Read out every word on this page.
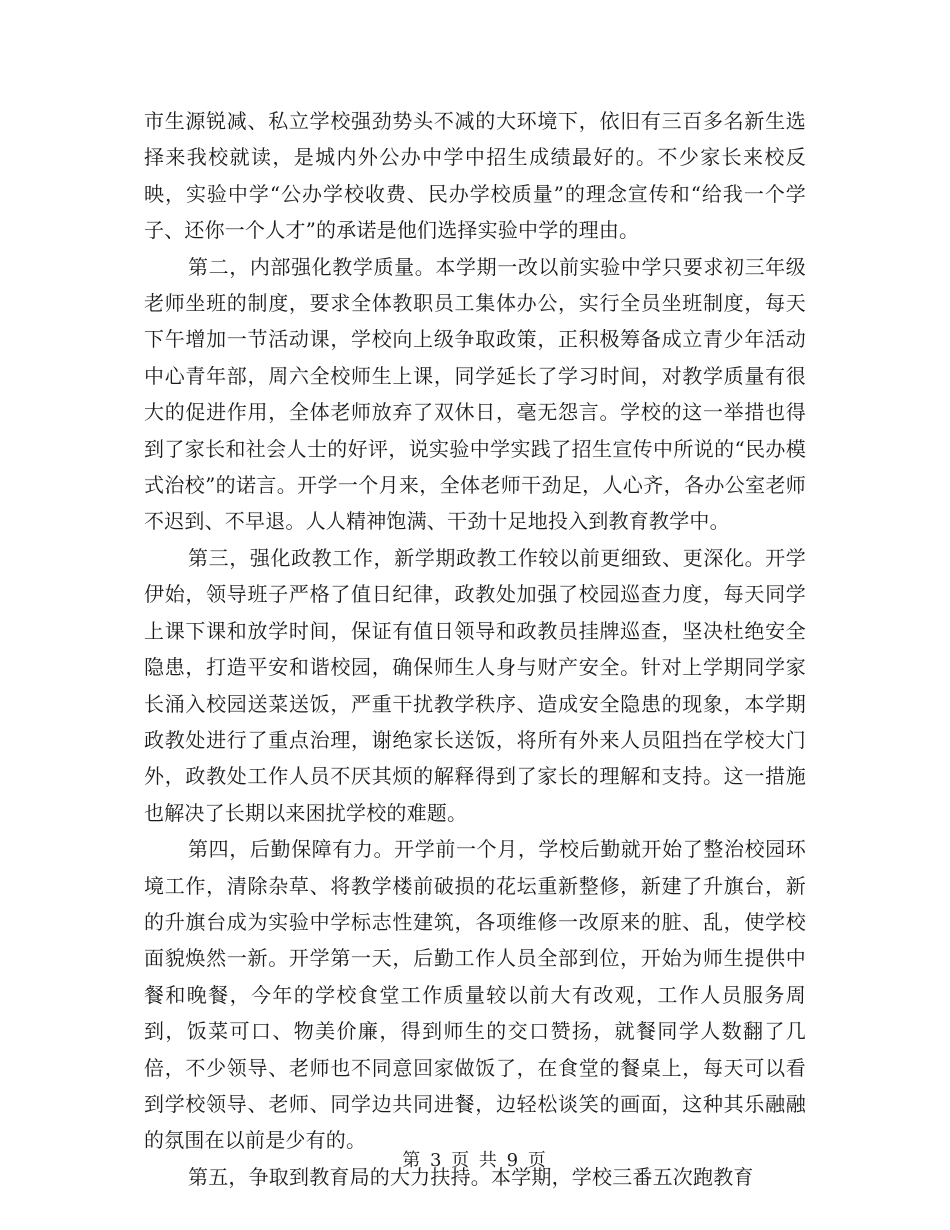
市生源锐减、私立学校强劲势头不减的大环境下，依旧有三百多名新生选择来我校就读，是城内外公办中学中招生成绩最好的。不少家长来校反映，实验中学“公办学校收费、民办学校质量”的理念宣传和“给我一个学子、还你一个人才”的承诺是他们选择实验中学的理由。

第二，内部强化教学质量。本学期一改以前实验中学只要求初三年级老师坐班的制度，要求全体教职员工集体办公，实行全员坐班制度，每天下午增加一节活动课，学校向上级争取政策，正积极筹备成立青少年活动中心青年部，周六全校师生上课，同学延长了学习时间，对教学质量有很大的促进作用，全体老师放弃了双休日，毫无怨言。学校的这一举措也得到了家长和社会人士的好评，说实验中学实践了招生宣传中所说的“民办模式治校”的诺言。开学一个月来，全体老师干劲足，人心齐，各办公室老师不迟到、不早退。人人精神饱满、干劲十足地投入到教育教学中。

第三，强化政教工作，新学期政教工作较以前更细致、更深化。开学伊始，领导班子严格了值日纪律，政教处加强了校园巡查力度，每天同学上课下课和放学时间，保证有值日领导和政教员挂牌巡查，坚决杜绝安全隐患，打造平安和谐校园，确保师生人身与财产安全。针对上学期同学家长涌入校园送菜送饭，严重干扰教学秩序、造成安全隐患的现象，本学期政教处进行了重点治理，谢绝家长送饭，将所有外来人员阻挡在学校大门外，政教处工作人员不厌其烦的解释得到了家长的理解和支持。这一措施也解决了长期以来困扰学校的难题。

第四，后勤保障有力。开学前一个月，学校后勤就开始了整治校园环境工作，清除杂草、将教学楼前破损的花坛重新整修，新建了升旗台，新的升旗台成为实验中学标志性建筑，各项维修一改原来的脏、乱，使学校面貌焕然一新。开学第一天，后勤工作人员全部到位，开始为师生提供中餐和晚餐，今年的学校食堂工作质量较以前大有改观，工作人员服务周到，饭菜可口、物美价廉，得到师生的交口赞扬，就餐同学人数翻了几倍，不少领导、老师也不同意回家做饭了，在食堂的餐桌上，每天可以看到学校领导、老师、同学边共同进餐，边轻松谈笑的画面，这种其乐融融的氛围在以前是少有的。

第五，争取到教育局的大力扶持。本学期，学校三番五次跑教育

第 3 页 共 9 页
